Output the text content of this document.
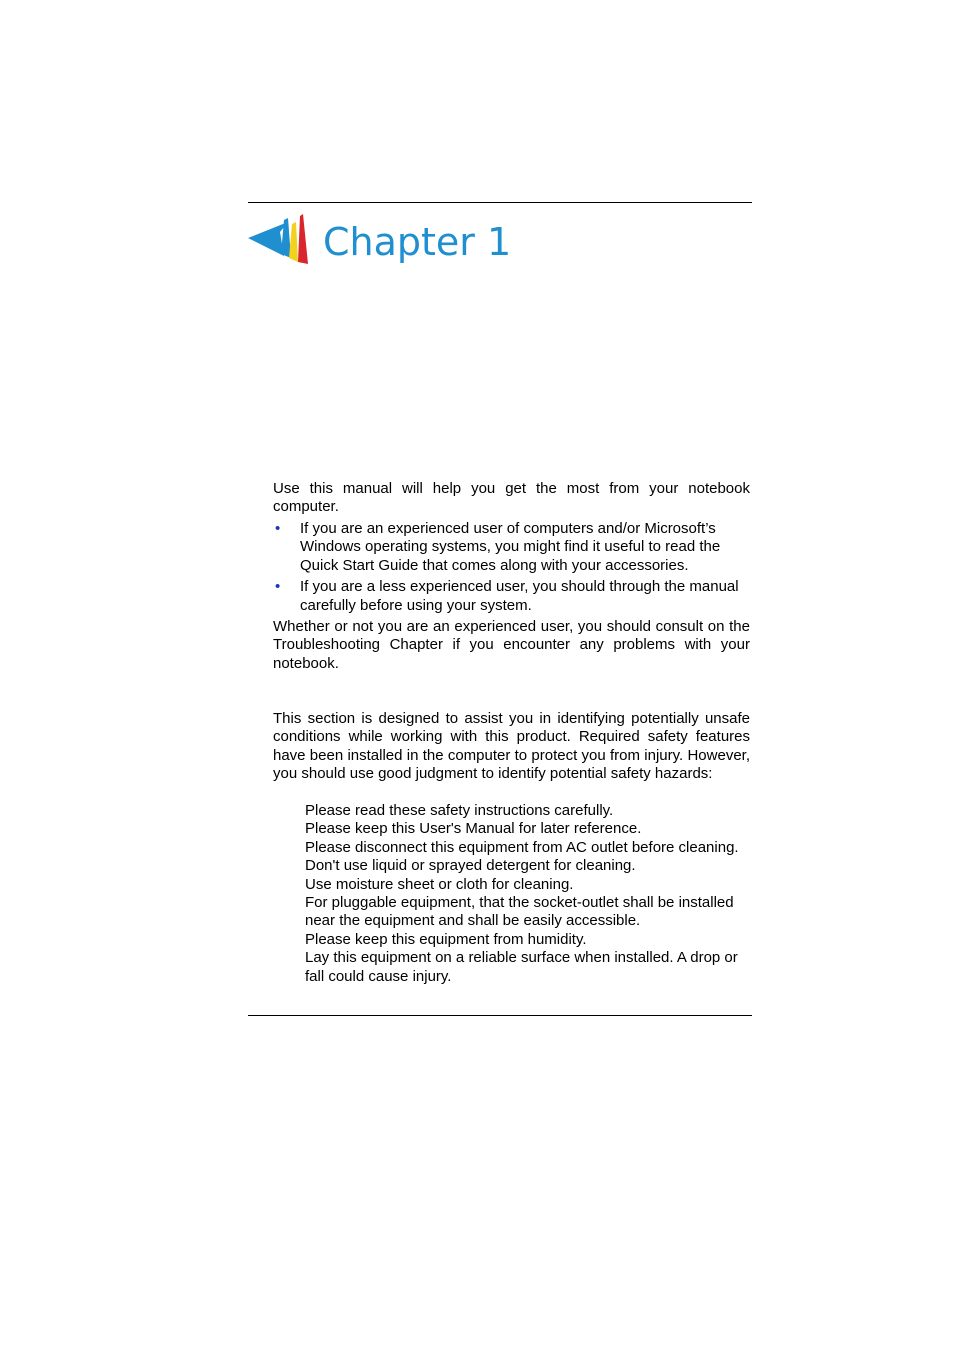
Chapter 1
Use this manual will help you get the most from your notebook computer.
• If you are an experienced user of computers and/or Microsoft’s Windows operating systems, you might find it useful to read the Quick Start Guide that comes along with your accessories.
• If you are a less experienced user, you should through the manual carefully before using your system.
Whether or not you are an experienced user, you should consult on the Troubleshooting Chapter if you encounter any problems with your notebook.
This section is designed to assist you in identifying potentially unsafe conditions while working with this product. Required safety features have been installed in the computer to protect you from injury. However, you should use good judgment to identify potential safety hazards:
Please read these safety instructions carefully.
Please keep this User's Manual for later reference.
Please disconnect this equipment from AC outlet before cleaning. Don't use liquid or sprayed detergent for cleaning.
Use moisture sheet or cloth for cleaning.
For pluggable equipment, that the socket-outlet shall be installed near the equipment and shall be easily accessible.
Please keep this equipment from humidity.
Lay this equipment on a reliable surface when installed. A drop or fall could cause injury.
